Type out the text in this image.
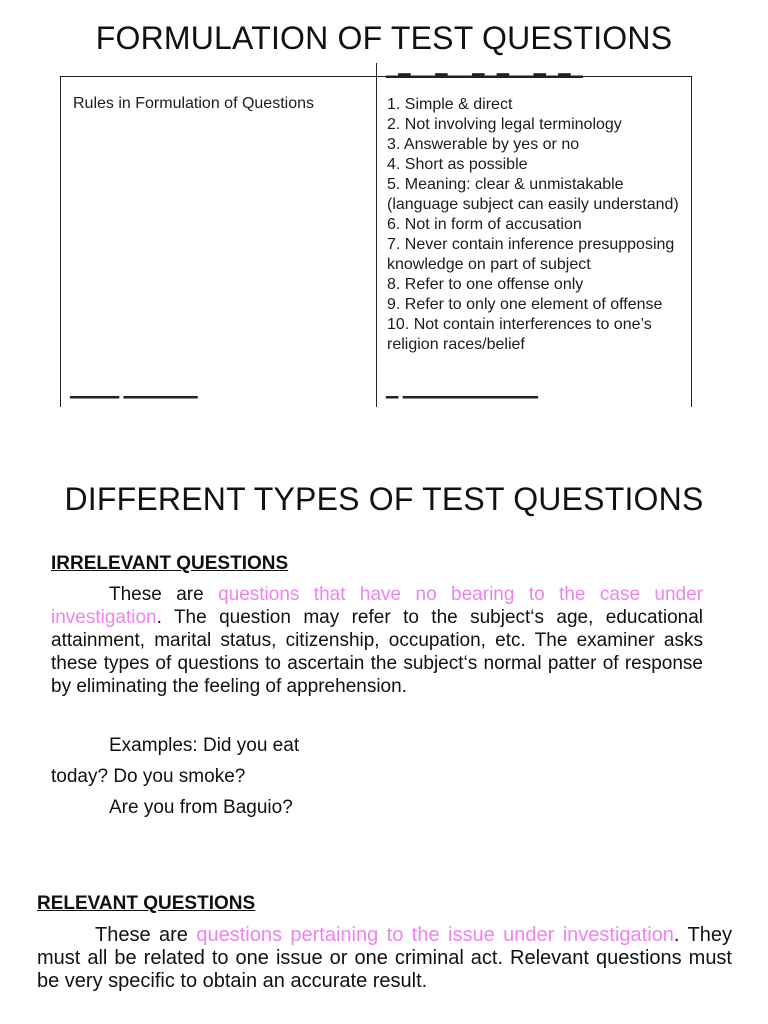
FORMULATION OF TEST QUESTIONS
Rules in Formulation of Questions	1. Simple & direct
2. Not involving legal terminology
3. Answerable by yes or no
4. Short as possible
5. Meaning: clear & unmistakable (language subject can easily understand)
6. Not in form of accusation
7. Never contain inference presupposing knowledge on part of subject
8. Refer to one offense only
9. Refer to only one element of offense
10. Not contain interferences to one’s religion races/belief
▁▂▁▁▂▁▁▂▁▂▁▁▂▁▂▁
▔▔▔▔ ▔▔▔▔▔▔	▔ ▔▔▔▔▔▔▔▔▔▔▔
DIFFERENT TYPES OF TEST QUESTIONS
IRRELEVANT QUESTIONS

These are questions that have no bearing to the case under investigation. The question may refer to the subject‘s age, educational attainment, marital status, citizenship, occupation, etc. The examiner asks these types of questions to ascertain the subject‘s normal patter of response by eliminating the feeling of apprehension.

Examples: Did you eat

today? Do you smoke?

Are you from Baguio?

RELEVANT QUESTIONS

These are questions pertaining to the issue under investigation. They must all be related to one issue or one criminal act. Relevant questions must be very specific to obtain an accurate result.
